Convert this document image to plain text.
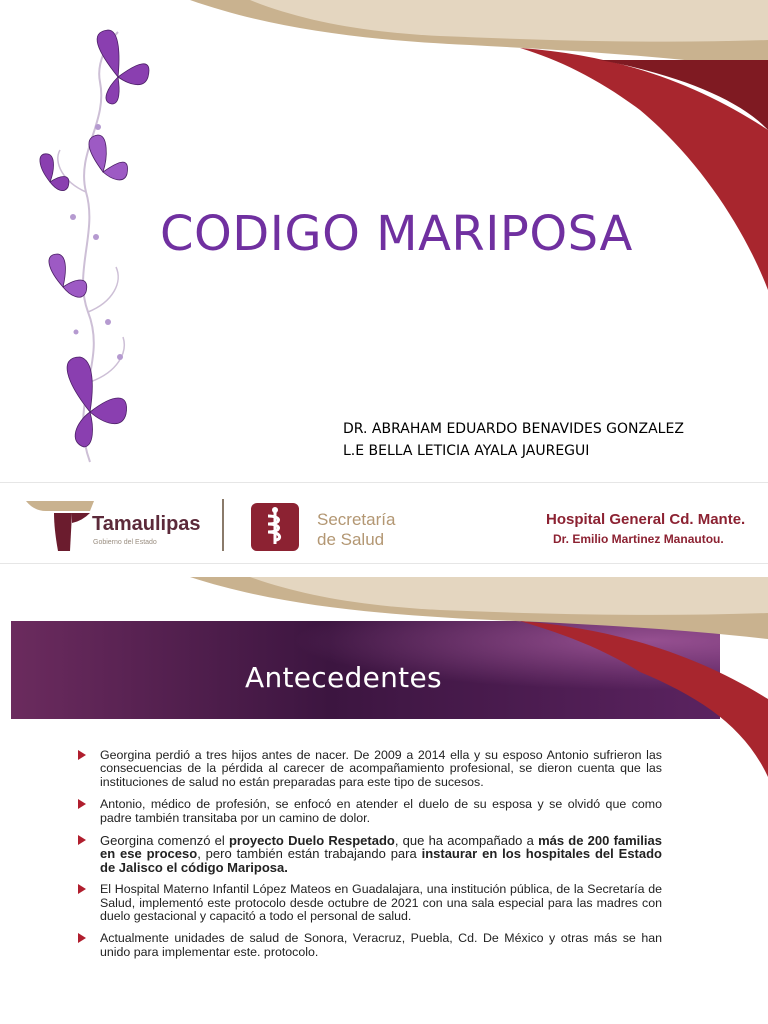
CODIGO MARIPOSA
DR. ABRAHAM EDUARDO BENAVIDES GONZALEZ
L.E BELLA LETICIA AYALA JAUREGUI
Tamaulipas
Gobierno del Estado
Secretaría
de Salud
Hospital General Cd. Mante.
Dr. Emilio Martinez Manautou.
Antecedentes
Georgina perdió a tres hijos antes de nacer. De 2009 a 2014 ella y su esposo Antonio sufrieron las consecuencias de la pérdida al carecer de acompañamiento profesional, se dieron cuenta que las instituciones de salud no están preparadas para este tipo de sucesos.
Antonio, médico de profesión, se enfocó en atender el duelo de su esposa y se olvidó que como padre también transitaba por un camino de dolor.
Georgina comenzó el proyecto Duelo Respetado, que ha acompañado a más de 200 familias en ese proceso, pero también están trabajando para instaurar en los hospitales del Estado de Jalisco el código Mariposa.
El Hospital Materno Infantil López Mateos en Guadalajara, una institución pública, de la Secretaría de Salud, implementó este protocolo desde octubre de 2021 con una sala especial para las madres con duelo gestacional y capacitó a todo el personal de salud.
Actualmente unidades de salud de Sonora, Veracruz, Puebla, Cd. De México y otras más se han unido para implementar este. protocolo.
